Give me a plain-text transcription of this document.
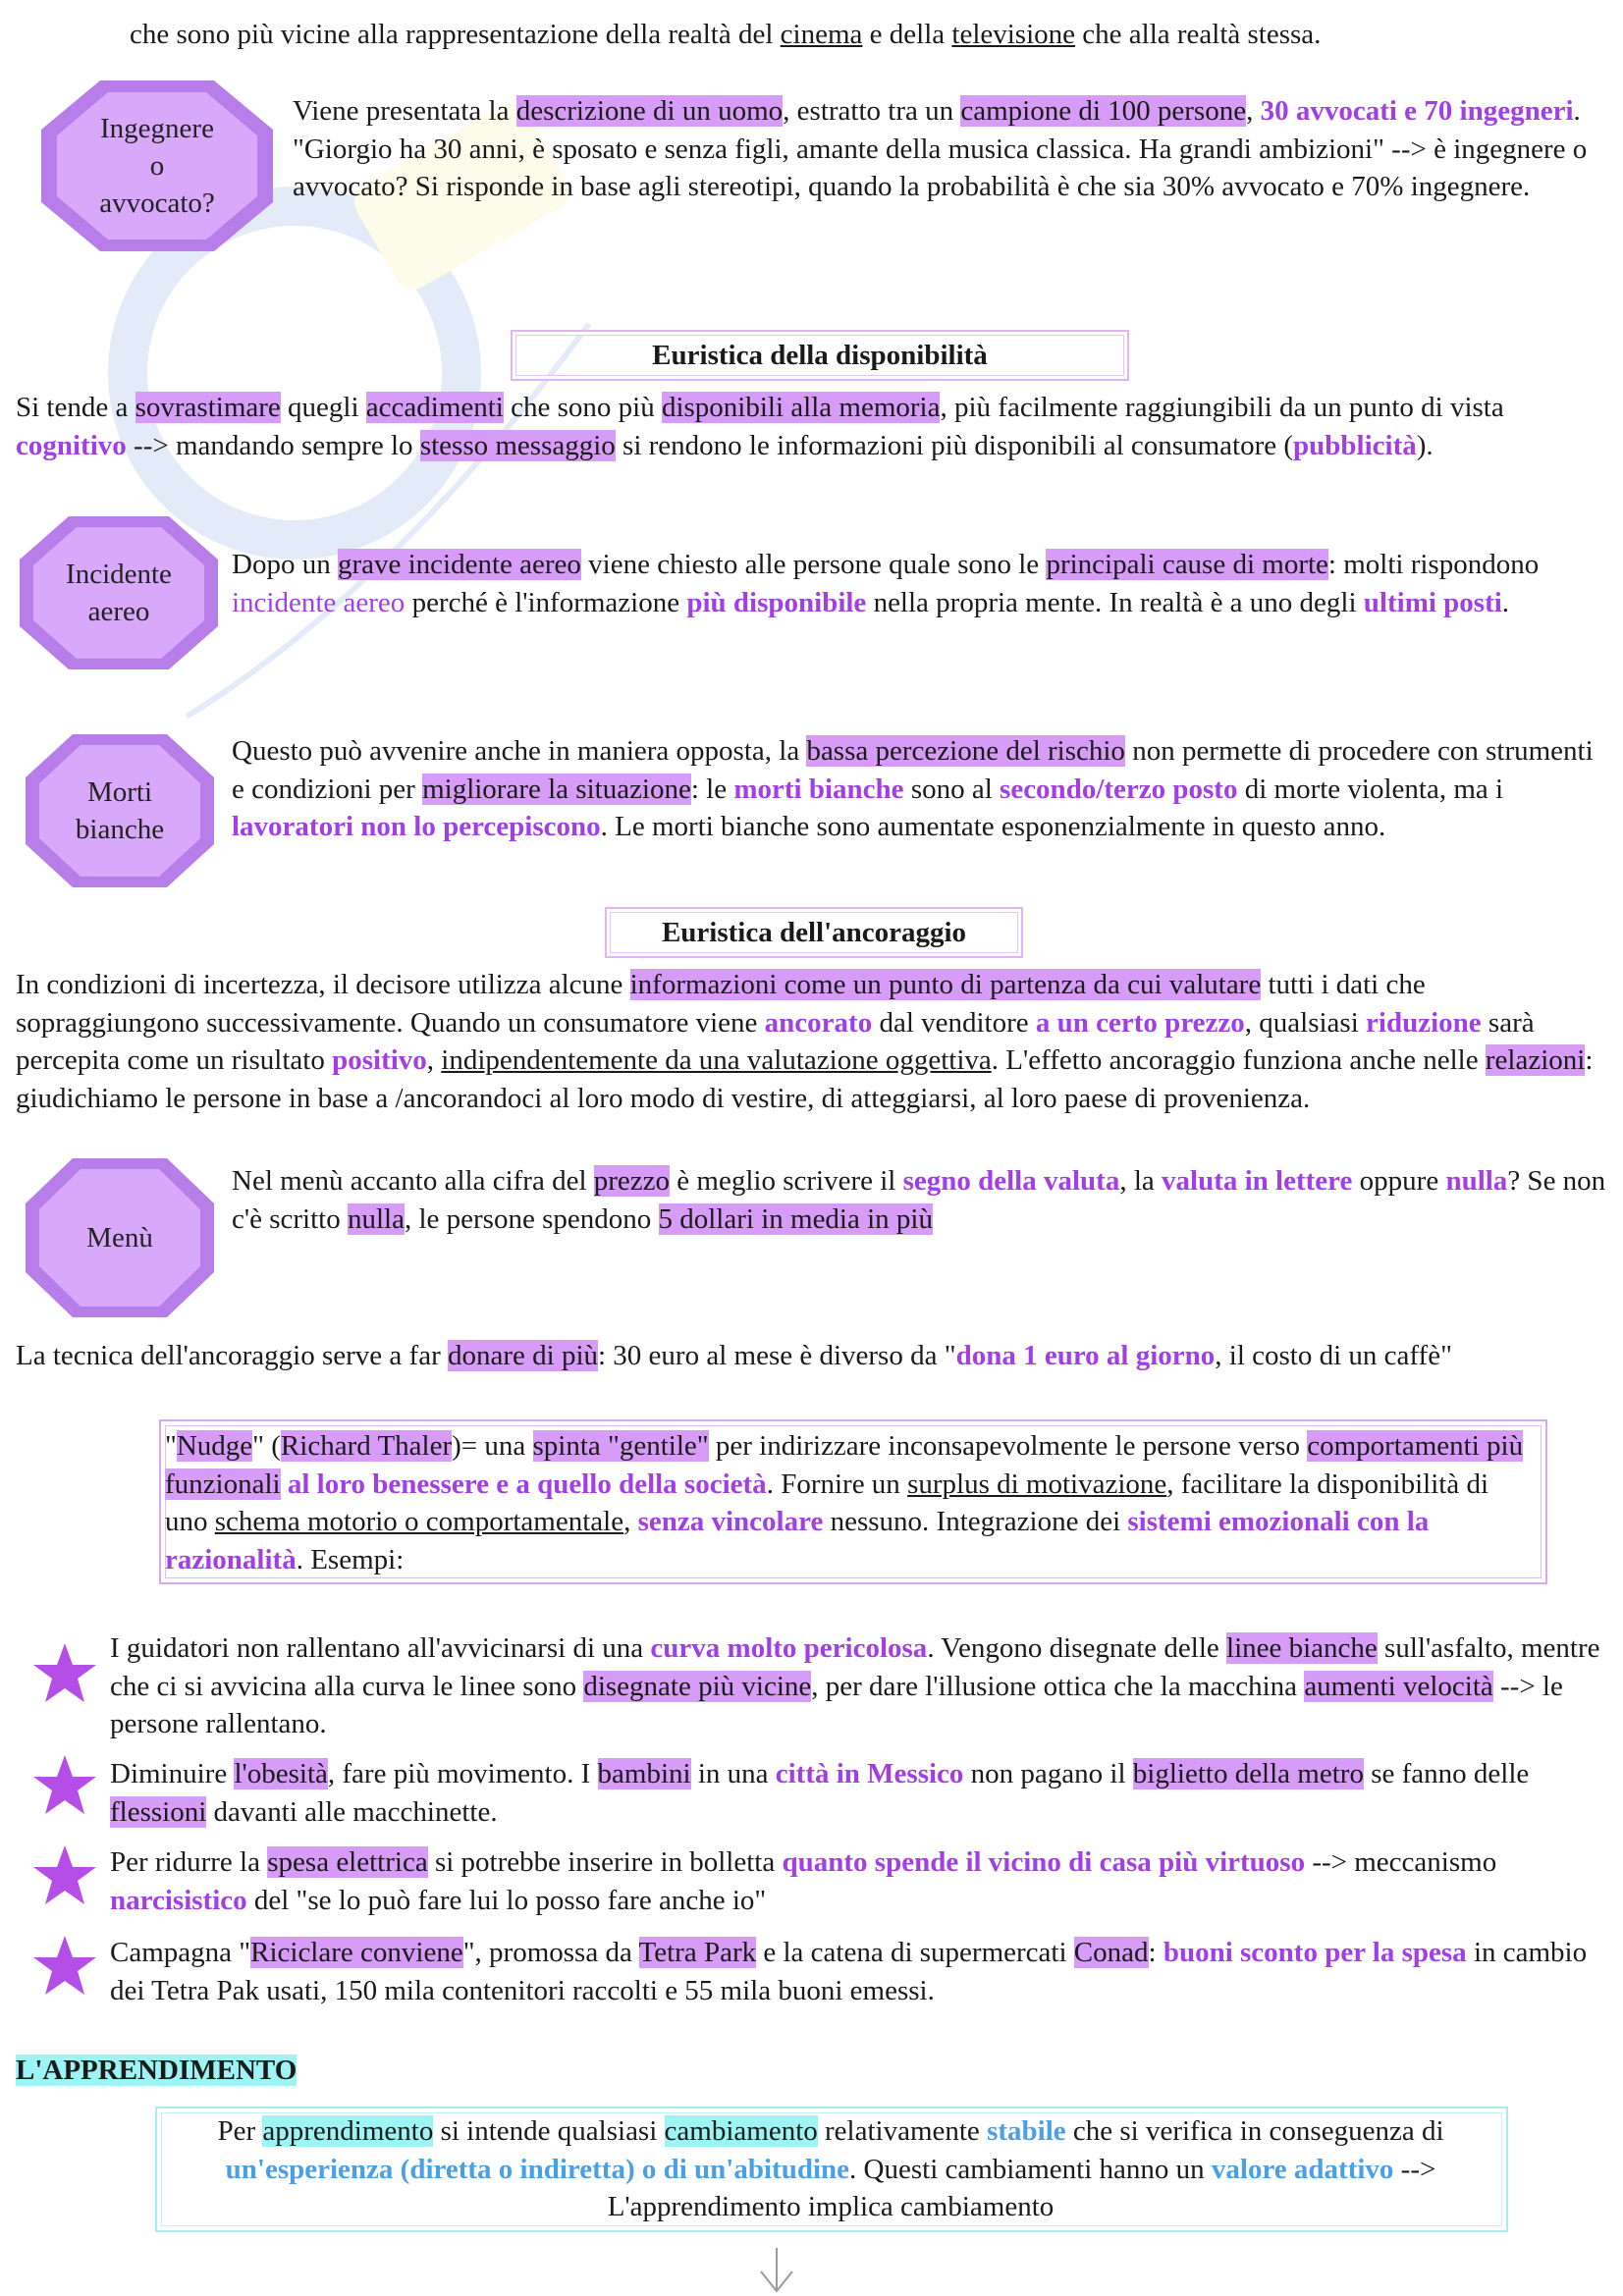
che sono più vicine alla rappresentazione della realtà del cinema e della televisione che alla realtà stessa.
Ingegnere
o
avvocato?
Viene presentata la descrizione di un uomo, estratto tra un campione di 100 persone, 30 avvocati e 70 ingegneri. "Giorgio ha 30 anni, è sposato e senza figli, amante della musica classica. Ha grandi ambizioni" --> è ingegnere o avvocato? Si risponde in base agli stereotipi, quando la probabilità è che sia 30% avvocato e 70% ingegnere.
Euristica della disponibilità
Si tende a sovrastimare quegli accadimenti che sono più disponibili alla memoria, più facilmente raggiungibili da un punto di vista cognitivo --> mandando sempre lo stesso messaggio si rendono le informazioni più disponibili al consumatore (pubblicità).
Incidente
aereo
Dopo un grave incidente aereo viene chiesto alle persone quale sono le principali cause di morte: molti rispondono incidente aereo perché è l'informazione più disponibile nella propria mente. In realtà è a uno degli ultimi posti.
Morti
bianche
Questo può avvenire anche in maniera opposta, la bassa percezione del rischio non permette di procedere con strumenti e condizioni per migliorare la situazione: le morti bianche sono al secondo/terzo posto di morte violenta, ma i lavoratori non lo percepiscono. Le morti bianche sono aumentate esponenzialmente in questo anno.
Euristica dell'ancoraggio
In condizioni di incertezza, il decisore utilizza alcune informazioni come un punto di partenza da cui valutare tutti i dati che sopraggiungono successivamente. Quando un consumatore viene ancorato dal venditore a un certo prezzo, qualsiasi riduzione sarà percepita come un risultato positivo, indipendentemente da una valutazione oggettiva. L'effetto ancoraggio funziona anche nelle relazioni: giudichiamo le persone in base a /ancorandoci al loro modo di vestire, di atteggiarsi, al loro paese di provenienza.
Menù
Nel menù accanto alla cifra del prezzo è meglio scrivere il segno della valuta, la valuta in lettere oppure nulla? Se non c'è scritto nulla, le persone spendono 5 dollari in media in più
La tecnica dell'ancoraggio serve a far donare di più: 30 euro al mese è diverso da "dona 1 euro al giorno, il costo di un caffè"
"Nudge" (Richard Thaler)= una spinta "gentile" per indirizzare inconsapevolmente le persone verso comportamenti più funzionali al loro benessere e a quello della società. Fornire un surplus di motivazione, facilitare la disponibilità di uno schema motorio o comportamentale, senza vincolare nessuno. Integrazione dei sistemi emozionali con la razionalità. Esempi:
I guidatori non rallentano all'avvicinarsi di una curva molto pericolosa. Vengono disegnate delle linee bianche sull'asfalto, mentre che ci si avvicina alla curva le linee sono disegnate più vicine, per dare l'illusione ottica che la macchina aumenti velocità --> le persone rallentano.
Diminuire l'obesità, fare più movimento. I bambini in una città in Messico non pagano il biglietto della metro se fanno delle flessioni davanti alle macchinette.
Per ridurre la spesa elettrica si potrebbe inserire in bolletta quanto spende il vicino di casa più virtuoso --> meccanismo narcisistico del "se lo può fare lui lo posso fare anche io"
Campagna "Riciclare conviene", promossa da Tetra Park e la catena di supermercati Conad: buoni sconto per la spesa in cambio dei Tetra Pak usati, 150 mila contenitori raccolti e 55 mila buoni emessi.
L'APPRENDIMENTO
Per apprendimento si intende qualsiasi cambiamento relativamente stabile che si verifica in conseguenza di un'esperienza (diretta o indiretta) o di un'abitudine. Questi cambiamenti hanno un valore adattivo --> L'apprendimento implica cambiamento
